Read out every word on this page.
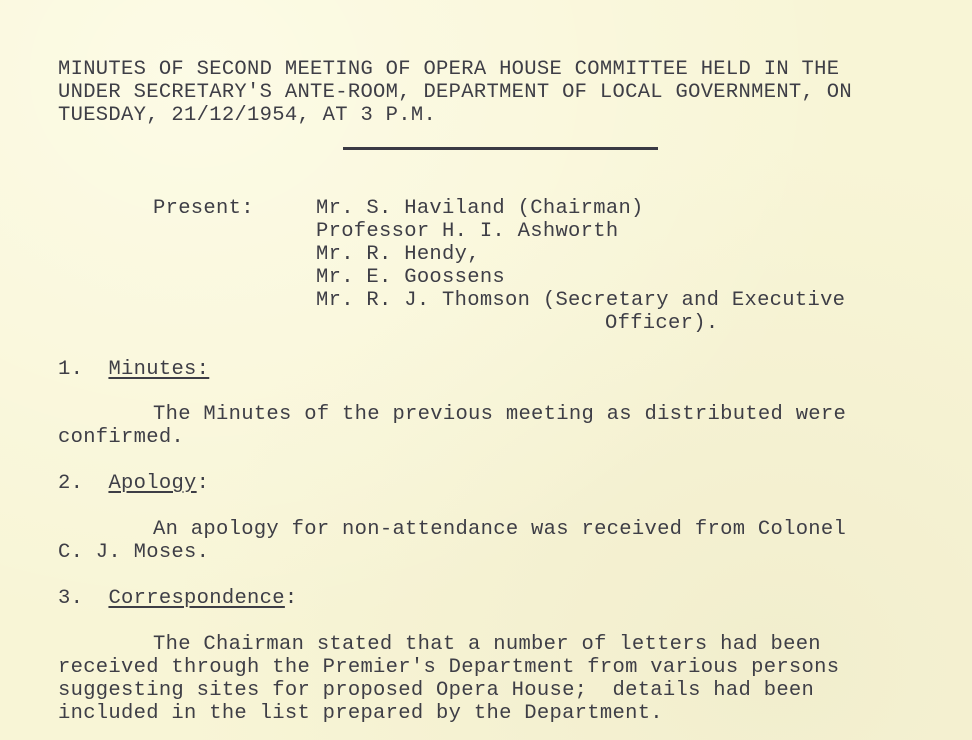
MINUTES OF SECOND MEETING OF OPERA HOUSE COMMITTEE HELD IN THE
UNDER SECRETARY'S ANTE-ROOM, DEPARTMENT OF LOCAL GOVERNMENT, ON
TUESDAY, 21/12/1954, AT 3 P.M.
Present:	Mr. S. Haviland (Chairman)
Professor H. I. Ashworth
Mr. R. Hendy,
Mr. E. Goossens
Mr. R. J. Thomson (Secretary and Executive
Officer).
1. Minutes:
The Minutes of the previous meeting as distributed were
confirmed.
2. Apology:
An apology for non-attendance was received from Colonel
C. J. Moses.
3. Correspondence:
The Chairman stated that a number of letters had been
received through the Premier's Department from various persons
suggesting sites for proposed Opera House;  details had been
included in the list prepared by the Department.
